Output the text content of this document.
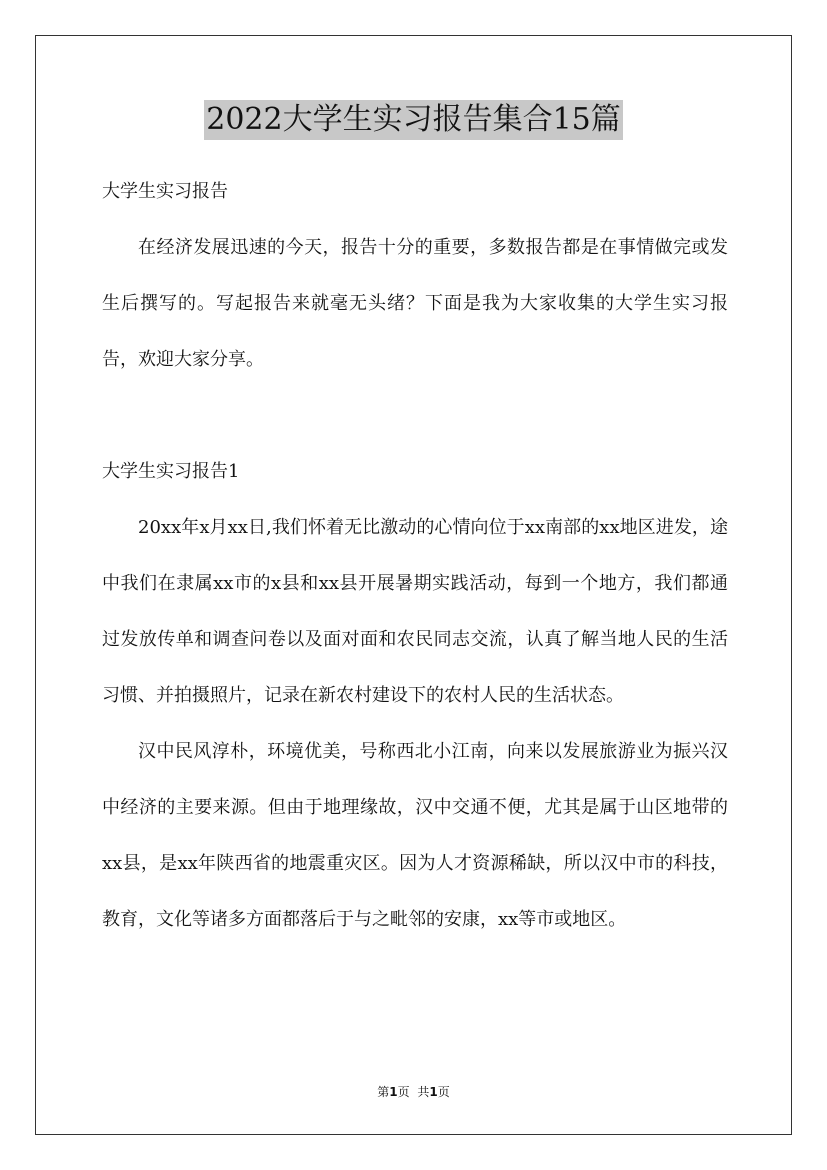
2022大学生实习报告集合15篇

大学生实习报告

在经济发展迅速的今天，报告十分的重要，多数报告都是在事情做完或发生后撰写的。写起报告来就毫无头绪？下面是我为大家收集的大学生实习报告，欢迎大家分享。

大学生实习报告1

20xx年x月xx日,我们怀着无比激动的心情向位于xx南部的xx地区进发，途中我们在隶属xx市的x县和xx县开展暑期实践活动，每到一个地方，我们都通过发放传单和调查问卷以及面对面和农民同志交流，认真了解当地人民的生活习惯、并拍摄照片，记录在新农村建设下的农村人民的生活状态。

汉中民风淳朴，环境优美，号称西北小江南，向来以发展旅游业为振兴汉中经济的主要来源。但由于地理缘故，汉中交通不便，尤其是属于山区地带的xx县，是xx年陕西省的地震重灾区。因为人才资源稀缺，所以汉中市的科技，教育，文化等诸多方面都落后于与之毗邻的安康，xx等市或地区。

第1页 共1页
